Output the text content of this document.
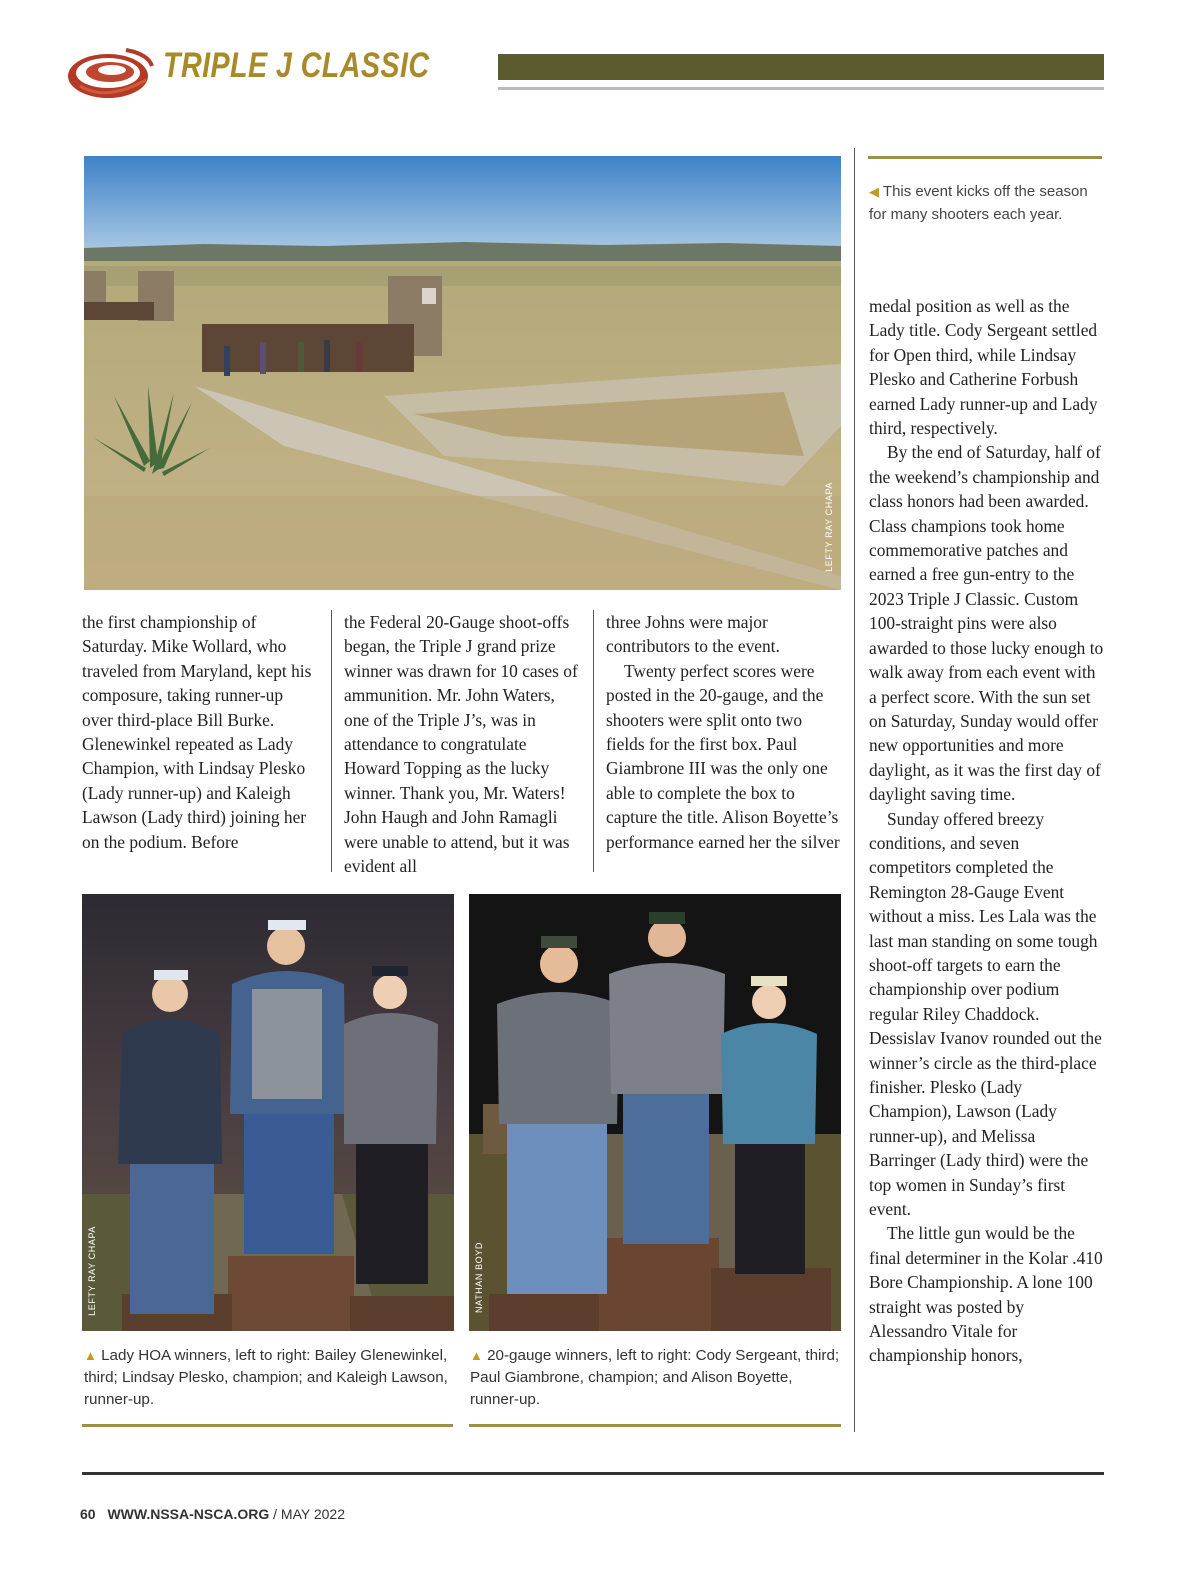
TRIPLE J CLASSIC
LEFTY RAY CHAPA

the first championship of Saturday. Mike Wollard, who traveled from Maryland, kept his composure, taking runner-up over third-place Bill Burke. Glenewinkel repeated as Lady Champion, with Lindsay Plesko (Lady runner-up) and Kaleigh Lawson (Lady third) joining her on the podium. Before

the Federal 20-Gauge shoot-offs began, the Triple J grand prize winner was drawn for 10 cases of ammunition. Mr. John Waters, one of the Triple J’s, was in attendance to congratulate Howard Topping as the lucky winner. Thank you, Mr. Waters! John Haugh and John Ramagli were unable to attend, but it was evident all

three Johns were major contributors to the event.

Twenty perfect scores were posted in the 20-gauge, and the shooters were split onto two fields for the first box. Paul Giambrone III was the only one able to complete the box to capture the title. Alison Boyette’s performance earned her the silver

◀ This event kicks off the season for many shooters each year.

medal position as well as the Lady title. Cody Sergeant settled for Open third, while Lindsay Plesko and Catherine Forbush earned Lady runner-up and Lady third, respectively.

By the end of Saturday, half of the weekend’s championship and class honors had been awarded. Class champions took home commemorative patches and earned a free gun-entry to the 2023 Triple J Classic. Custom 100-straight pins were also awarded to those lucky enough to walk away from each event with a perfect score. With the sun set on Saturday, Sunday would offer new opportunities and more daylight, as it was the first day of daylight saving time.

Sunday offered breezy conditions, and seven competitors completed the Remington 28-Gauge Event without a miss. Les Lala was the last man standing on some tough shoot-off targets to earn the championship over podium regular Riley Chaddock. Dessislav Ivanov rounded out the winner’s circle as the third-place finisher. Plesko (Lady Champion), Lawson (Lady runner-up), and Melissa Barringer (Lady third) were the top women in Sunday’s first event.

The little gun would be the final determiner in the Kolar .410 Bore Championship. A lone 100 straight was posted by Alessandro Vitale for championship honors,

LEFTY RAY CHAPA	NATHAN BOYD
▲ Lady HOA winners, left to right: Bailey Glenewinkel, third; Lindsay Plesko, champion; and Kaleigh Lawson, runner-up.
▲ 20-gauge winners, left to right: Cody Sergeant, third; Paul Giambrone, champion; and Alison Boyette, runner-up.
60 WWW.NSSA-NSCA.ORG / MAY 2022
